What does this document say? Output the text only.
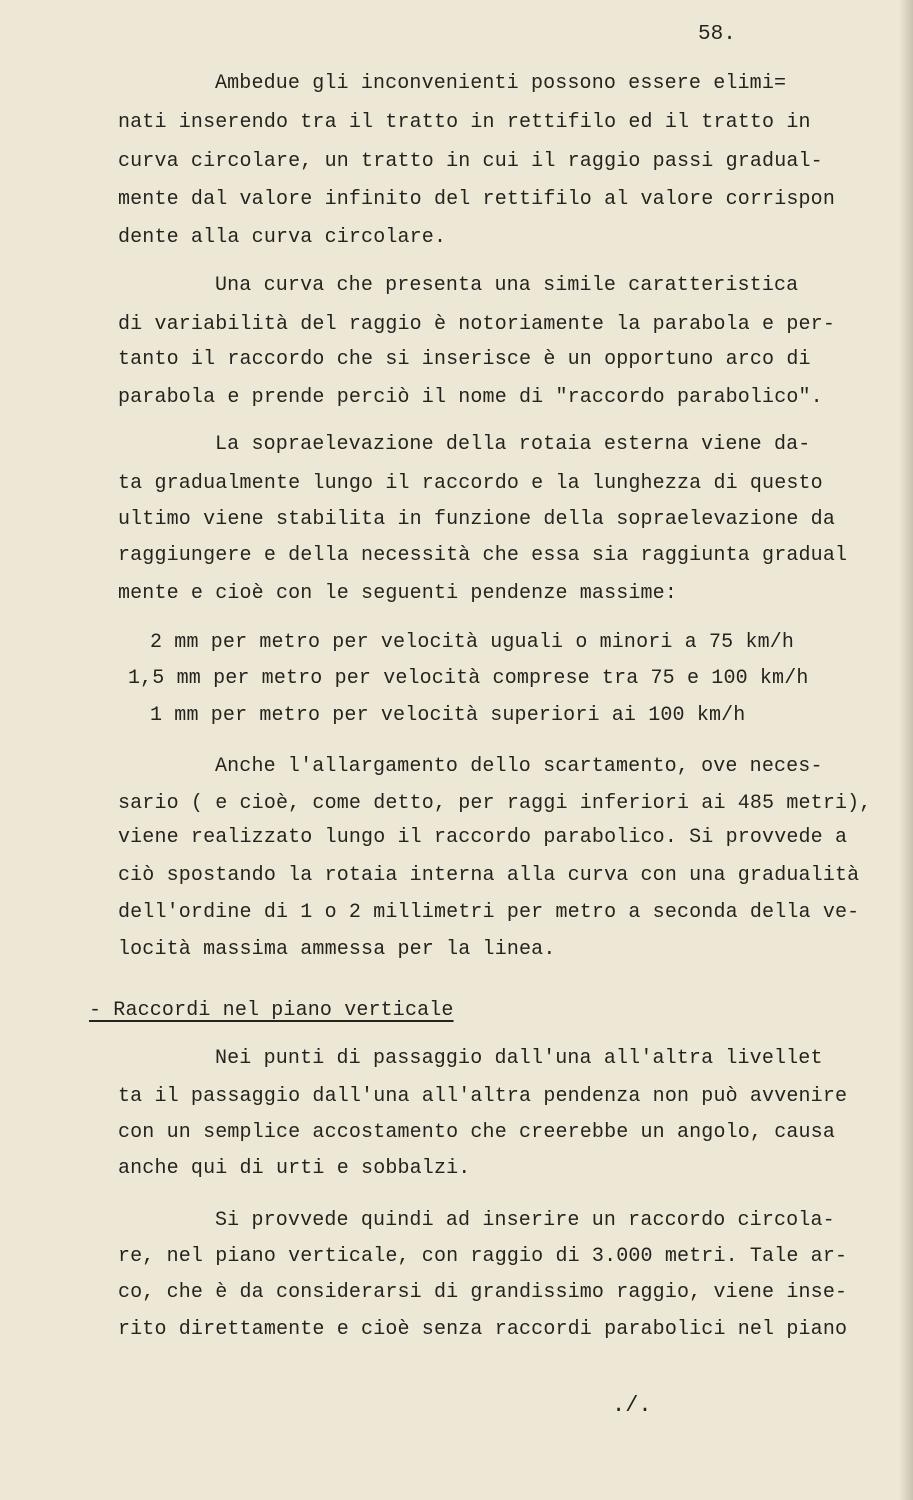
58.
Ambedue gli inconvenienti possono essere elimi=
nati inserendo tra il tratto in rettifilo ed il tratto in
curva circolare, un tratto in cui il raggio passi gradual-
mente dal valore infinito del rettifilo al valore corrispon
dente alla curva circolare.
Una curva che presenta una simile caratteristica
di variabilità del raggio è notoriamente la parabola e per-
tanto il raccordo che si inserisce è un opportuno arco di
parabola e prende perciò il nome di "raccordo parabolico".
La sopraelevazione della rotaia esterna viene da-
ta gradualmente lungo il raccordo e la lunghezza di questo
ultimo viene stabilita in funzione della sopraelevazione da
raggiungere e della necessità che essa sia raggiunta gradual
mente e cioè con le seguenti pendenze massime:
2 mm per metro per velocità uguali o minori a 75 km/h
1,5 mm per metro per velocità comprese tra 75 e 100 km/h
1 mm per metro per velocità superiori ai 100 km/h
Anche l'allargamento dello scartamento, ove neces-
sario ( e cioè, come detto, per raggi inferiori ai 485 metri),
viene realizzato lungo il raccordo parabolico. Si provvede a
ciò spostando la rotaia interna alla curva con una gradualità
dell'ordine di 1 o 2 millimetri per metro a seconda della ve-
locità massima ammessa per la linea.
- Raccordi nel piano verticale
Nei punti di passaggio dall'una all'altra livellet
ta il passaggio dall'una all'altra pendenza non può avvenire
con un semplice accostamento che creerebbe un angolo, causa
anche qui di urti e sobbalzi.
Si provvede quindi ad inserire un raccordo circola-
re, nel piano verticale, con raggio di 3.000 metri. Tale ar-
co, che è da considerarsi di grandissimo raggio, viene inse-
rito direttamente e cioè senza raccordi parabolici nel piano
./.
